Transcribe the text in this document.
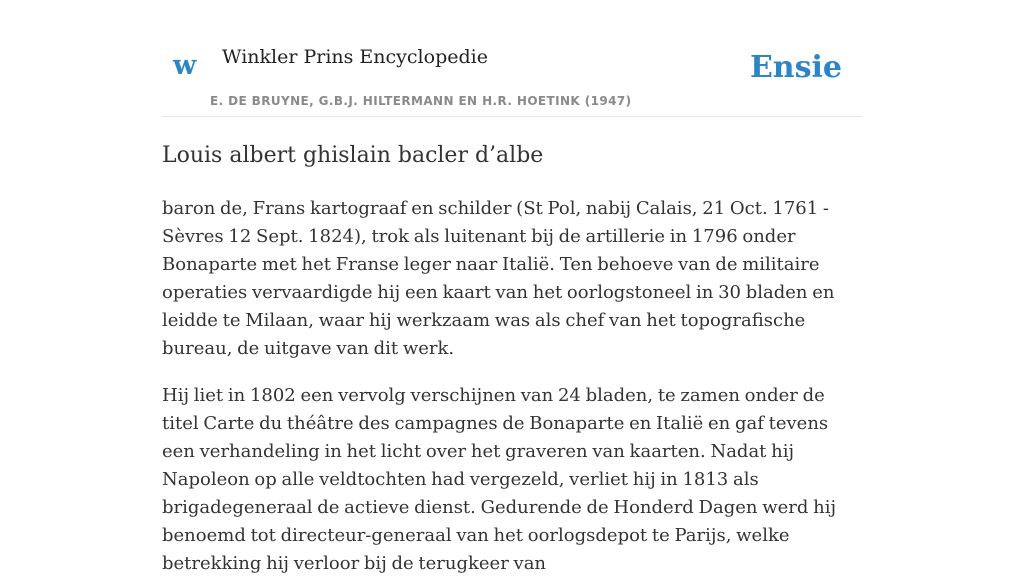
w Winkler Prins Encyclopedie
E. DE BRUYNE, G.B.J. HILTERMANN EN H.R. HOETINK (1947)
Ensie
Louis albert ghislain bacler d’albe

baron de, Frans kartograaf en schilder (St Pol, nabij Calais, 21 Oct. 1761 - Sèvres 12 Sept. 1824), trok als luitenant bij de artillerie in 1796 onder Bonaparte met het Franse leger naar Italië. Ten behoeve van de militaire operaties vervaardigde hij een kaart van het oorlogstoneel in 30 bladen en leidde te Milaan, waar hij werkzaam was als chef van het topografische bureau, de uitgave van dit werk.

Hij liet in 1802 een vervolg verschijnen van 24 bladen, te zamen onder de titel Carte du théâtre des campagnes de Bonaparte en Italië en gaf tevens een verhandeling in het licht over het graveren van kaarten. Nadat hij Napoleon op alle veldtochten had vergezeld, verliet hij in 1813 als brigadegeneraal de actieve dienst. Gedurende de Honderd Dagen werd hij benoemd tot directeur-generaal van het oorlogsdepot te Parijs, welke betrekking hij verloor bij de terugkeer van
